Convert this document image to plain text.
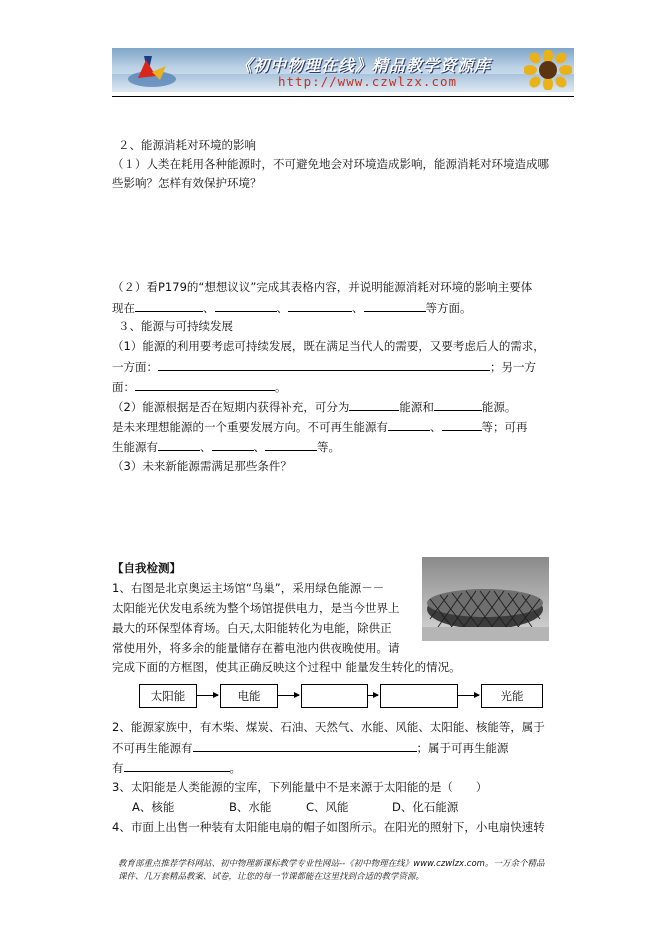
《初中物理在线》精品教学资源库
http://www.czwlzx.com
２、能源消耗对环境的影响
（１）人类在耗用各种能源时，不可避免地会对环境造成影响，能源消耗对环境造成哪
些影响？怎样有效保护环境？
（２）看P179的“想想议议”完成其表格内容，并说明能源消耗对环境的影响主要体
现在	、	、	、	等方面。
３、能源与可持续发展
（1）能源的利用要考虑可持续发展，既在满足当代人的需要，又要考虑后人的需求，
一方面：	；另一方
面：	。
（2）能源根据是否在短期内获得补充，可分为	能源和	能源。
是未来理想能源的一个重要发展方向。不可再生能源有	、	等；可再
生能源有	、	、	等。
（3）未来新能源需满足那些条件？
【自我检测】
1、右图是北京奥运主场馆“鸟巢”，采用绿色能源－－
太阳能光伏发电系统为整个场馆提供电力，是当今世界上
最大的环保型体育场。白天,太阳能转化为电能，除供正
常使用外，将多余的能量储存在蓄电池内供夜晚使用。请
完成下面的方框图，使其正确反映这个过程中 能量发生转化的情况。
太阳能	电能	光能
2、能源家族中，有木柴、煤炭、石油、天然气、水能、风能、太阳能、核能等，属于
不可再生能源有	；属于可再生能源
有	。
3、太阳能是人类能源的宝库，下列能量中不是来源于太阳能的是（　　）
A、核能	B、水能	C、风能	D、化石能源
4、市面上出售一种装有太阳能电扇的帽子如图所示。在阳光的照射下，小电扇快速转
教育部重点推荐学科网站、初中物理新课标教学专业性网站--《初中物理在线》www.czwlzx.com。一万余个精品课件、几万套精品教案、试卷，让您的每一节课都能在这里找到合适的教学资源。
